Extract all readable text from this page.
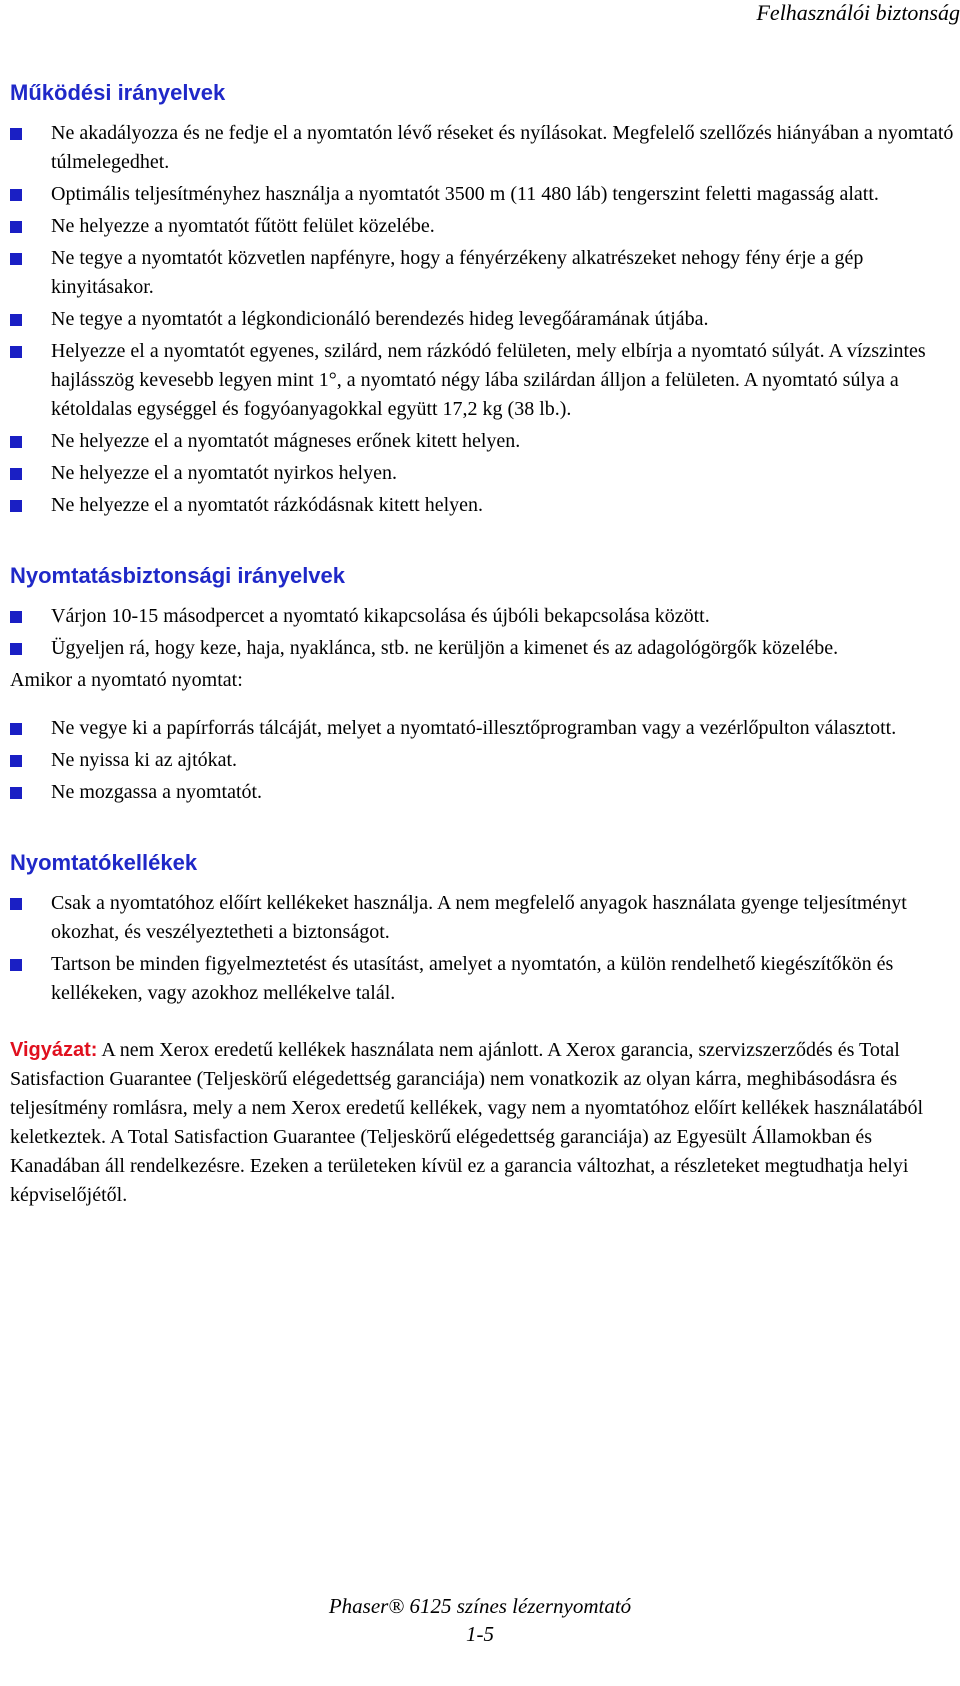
Felhasználói biztonság
Működési irányelvek
Ne akadályozza és ne fedje el a nyomtatón lévő réseket és nyílásokat. Megfelelő szellőzés hiányában a nyomtató túlmelegedhet.
Optimális teljesítményhez használja a nyomtatót 3500 m (11 480 láb) tengerszint feletti magasság alatt.
Ne helyezze a nyomtatót fűtött felület közelébe.
Ne tegye a nyomtatót közvetlen napfényre, hogy a fényérzékeny alkatrészeket nehogy fény érje a gép kinyitásakor.
Ne tegye a nyomtatót a légkondicionáló berendezés hideg levegőáramának útjába.
Helyezze el a nyomtatót egyenes, szilárd, nem rázkódó felületen, mely elbírja a nyomtató súlyát. A vízszintes hajlásszög kevesebb legyen mint 1°, a nyomtató négy lába szilárdan álljon a felületen. A nyomtató súlya a kétoldalas egységgel és fogyóanyagokkal együtt 17,2 kg (38 lb.).
Ne helyezze el a nyomtatót mágneses erőnek kitett helyen.
Ne helyezze el a nyomtatót nyirkos helyen.
Ne helyezze el a nyomtatót rázkódásnak kitett helyen.
Nyomtatásbiztonsági irányelvek
Várjon 10-15 másodpercet a nyomtató kikapcsolása és újbóli bekapcsolása között.
Ügyeljen rá, hogy keze, haja, nyaklánca, stb. ne kerüljön a kimenet és az adagológörgők közelébe.

Amikor a nyomtató nyomtat:

Ne vegye ki a papírforrás tálcáját, melyet a nyomtató-illesztőprogramban vagy a vezérlőpulton választott.
Ne nyissa ki az ajtókat.
Ne mozgassa a nyomtatót.
Nyomtatókellékek
Csak a nyomtatóhoz előírt kellékeket használja. A nem megfelelő anyagok használata gyenge teljesítményt okozhat, és veszélyeztetheti a biztonságot.
Tartson be minden figyelmeztetést és utasítást, amelyet a nyomtatón, a külön rendelhető kiegészítőkön és kellékeken, vagy azokhoz mellékelve talál.

Vigyázat: A nem Xerox eredetű kellékek használata nem ajánlott. A Xerox garancia, szervizszerződés és Total Satisfaction Guarantee (Teljeskörű elégedettség garanciája) nem vonatkozik az olyan kárra, meghibásodásra és teljesítmény romlásra, mely a nem Xerox eredetű kellékek, vagy nem a nyomtatóhoz előírt kellékek használatából keletkeztek. A Total Satisfaction Guarantee (Teljeskörű elégedettség garanciája) az Egyesült Államokban és Kanadában áll rendelkezésre. Ezeken a területeken kívül ez a garancia változhat, a részleteket megtudhatja helyi képviselőjétől.

Phaser® 6125 színes lézernyomtató
1-5
